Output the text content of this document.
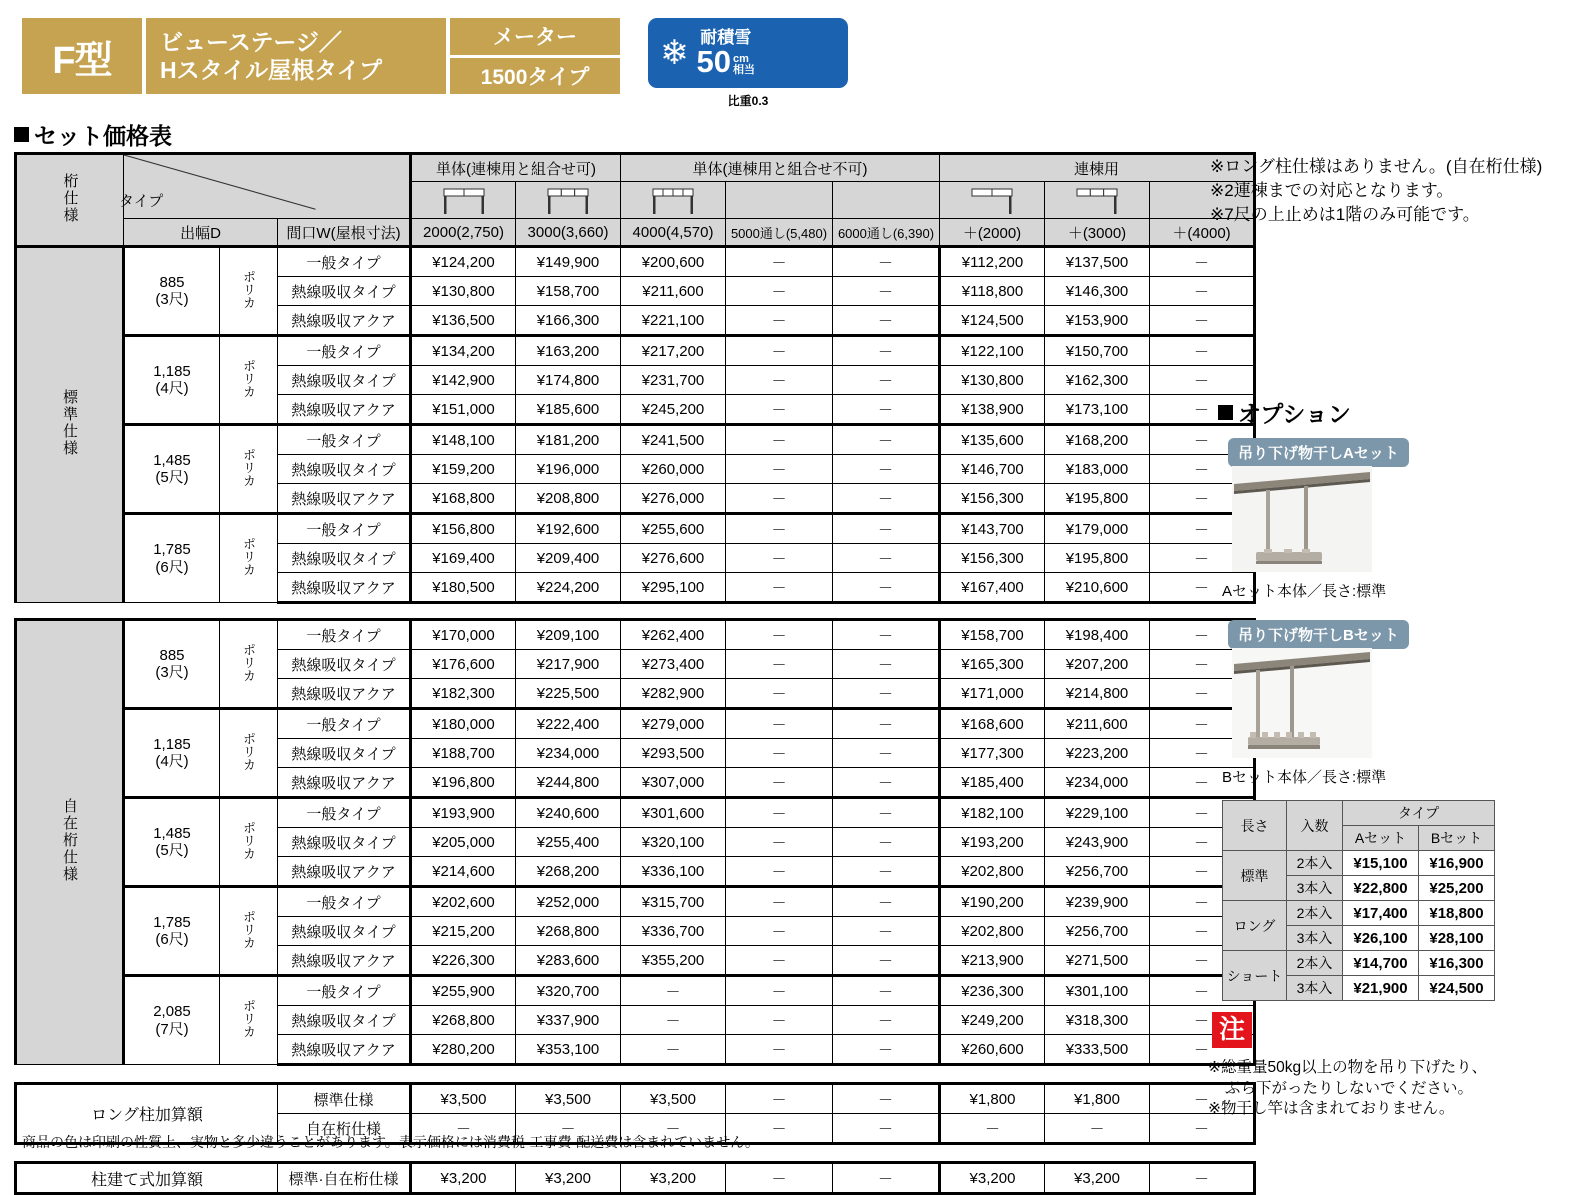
F型	ビューステージ／
Hスタイル屋根タイプ
メーター
1500タイプ
❄ 耐積雪
50 cm
相当
比重0.3
セット価格表
桁仕様	タイプ			単体(連棟用と組合せ可)		単体(連棟用と組合せ不可)			連棟用		

	出幅D		間口W(屋根寸法)	2000(2,750)	3000(3,660)	4000(4,570)	5000通し(5,480)	6000通し(6,390)	＋(2000)	＋(3000)	＋(4000)
標準仕様	885
(3尺)	ポリカ	一般タイプ	¥124,200	¥149,900	¥200,600	－	－	¥112,200	¥137,500	－
			熱線吸収タイプ	¥130,800	¥158,700	¥211,600	－	－	¥118,800	¥146,300	－
			熱線吸収アクア	¥136,500	¥166,300	¥221,100	－	－	¥124,500	¥153,900	－
	1,185
(4尺)	ポリカ	一般タイプ	¥134,200	¥163,200	¥217,200	－	－	¥122,100	¥150,700	－
			熱線吸収タイプ	¥142,900	¥174,800	¥231,700	－	－	¥130,800	¥162,300	－
			熱線吸収アクア	¥151,000	¥185,600	¥245,200	－	－	¥138,900	¥173,100	－
	1,485
(5尺)	ポリカ	一般タイプ	¥148,100	¥181,200	¥241,500	－	－	¥135,600	¥168,200	－
			熱線吸収タイプ	¥159,200	¥196,000	¥260,000	－	－	¥146,700	¥183,000	－
			熱線吸収アクア	¥168,800	¥208,800	¥276,000	－	－	¥156,300	¥195,800	－
	1,785
(6尺)	ポリカ	一般タイプ	¥156,800	¥192,600	¥255,600	－	－	¥143,700	¥179,000	－
			熱線吸収タイプ	¥169,400	¥209,400	¥276,600	－	－	¥156,300	¥195,800	－
			熱線吸収アクア	¥180,500	¥224,200	¥295,100	－	－	¥167,400	¥210,600	－

自在桁仕様	885
(3尺)	ポリカ	一般タイプ	¥170,000	¥209,100	¥262,400	－	－	¥158,700	¥198,400	－
			熱線吸収タイプ	¥176,600	¥217,900	¥273,400	－	－	¥165,300	¥207,200	－
			熱線吸収アクア	¥182,300	¥225,500	¥282,900	－	－	¥171,000	¥214,800	－
	1,185
(4尺)	ポリカ	一般タイプ	¥180,000	¥222,400	¥279,000	－	－	¥168,600	¥211,600	－
			熱線吸収タイプ	¥188,700	¥234,000	¥293,500	－	－	¥177,300	¥223,200	－
			熱線吸収アクア	¥196,800	¥244,800	¥307,000	－	－	¥185,400	¥234,000	－
	1,485
(5尺)	ポリカ	一般タイプ	¥193,900	¥240,600	¥301,600	－	－	¥182,100	¥229,100	－
			熱線吸収タイプ	¥205,000	¥255,400	¥320,100	－	－	¥193,200	¥243,900	－
			熱線吸収アクア	¥214,600	¥268,200	¥336,100	－	－	¥202,800	¥256,700	－
	1,785
(6尺)	ポリカ	一般タイプ	¥202,600	¥252,000	¥315,700	－	－	¥190,200	¥239,900	－
			熱線吸収タイプ	¥215,200	¥268,800	¥336,700	－	－	¥202,800	¥256,700	－
			熱線吸収アクア	¥226,300	¥283,600	¥355,200	－	－	¥213,900	¥271,500	－
	2,085
(7尺)	ポリカ	一般タイプ	¥255,900	¥320,700	－	－	－	¥236,300	¥301,100	－
			熱線吸収タイプ	¥268,800	¥337,900	－	－	－	¥249,200	¥318,300	－
			熱線吸収アクア	¥280,200	¥353,100	－	－	－	¥260,600	¥333,500	－

ロング柱加算額			標準仕様	¥3,500	¥3,500	¥3,500	－	－	¥1,800	¥1,800	－
			自在桁仕様	－	－	－	－	－	－	－	－

柱建て式加算額			標準·自在桁仕様	¥3,200	¥3,200	¥3,200	－	－	¥3,200	¥3,200	－
※ロング柱仕様はありません。(自在桁仕様)
※2連棟までの対応となります。
※7尺の上止めは1階のみ可能です。
オプション
吊り下げ物干しAセット
Aセット本体／長さ:標準
吊り下げ物干しBセット
Bセット本体／長さ:標準
長さ	入数	タイプ	
		Aセット	Bセット
標準	2本入	¥15,100	¥16,900
	3本入	¥22,800	¥25,200
ロング	2本入	¥17,400	¥18,800
	3本入	¥26,100	¥28,100
ショート	2本入	¥14,700	¥16,300
	3本入	¥21,900	¥24,500
注
※総重量50kg以上の物を吊り下げたり、
ぶら下がったりしないでください。
※物干し竿は含まれておりません。
商品の色は印刷の性質上、実物と多少違うことがあります。表示価格には消費税·工事費·配送費は含まれていません。
